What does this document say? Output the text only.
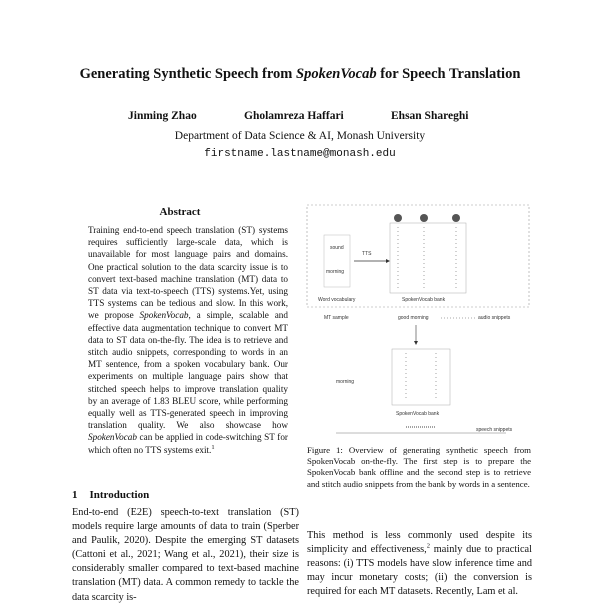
Generating Synthetic Speech from SpokenVocab for Speech Translation
Jinming Zhao	Gholamreza Haffari	Ehsan Shareghi
Department of Data Science & AI, Monash University
firstname.lastname@monash.edu
Abstract
Training end-to-end speech translation (ST) systems requires sufficiently large-scale data, which is unavailable for most language pairs and domains. One practical solution to the data scarcity issue is to convert text-based machine translation (MT) data to ST data via text-to-speech (TTS) systems.Yet, using TTS systems can be tedious and slow. In this work, we propose SpokenVocab, a simple, scalable and effective data augmentation technique to convert MT data to ST data on-the-fly. The idea is to retrieve and stitch audio snippets, corresponding to words in an MT sentence, from a spoken vocabulary bank. Our experiments on multiple language pairs show that stitched speech helps to improve translation quality by an average of 1.83 BLEU score, while performing equally well as TTS-generated speech in improving translation quality. We also showcase how SpokenVocab can be applied in code-switching ST for which often no TTS systems exit.$^1$
1 Introduction
End-to-end (E2E) speech-to-text translation (ST) models require large amounts of data to train (Sperber and Paulik, 2020). Despite the emerging ST datasets (Cattoni et al., 2021; Wang et al., 2021), their size is considerably smaller compared to text-based machine translation (MT) data. A common remedy to tackle the data scarcity is-
sound
morning
TTS
Word vocabulary	SpokenVocab bank
MT sample	good morning	audio snippets
morning
SpokenVocab bank
speech snippets
Figure 1: Overview of generating synthetic speech from SpokenVocab on-the-fly. The first step is to prepare the SpokenVocab bank offline and the second step is to retrieve and stitch audio snippets from the bank by words in a sentence.
This method is less commonly used despite its simplicity and effectiveness,$^2$ mainly due to practical reasons: (i) TTS models have slow inference time and may incur monetary costs; (ii) the conversion is required for each MT datasets. Recently, Lam et al.
